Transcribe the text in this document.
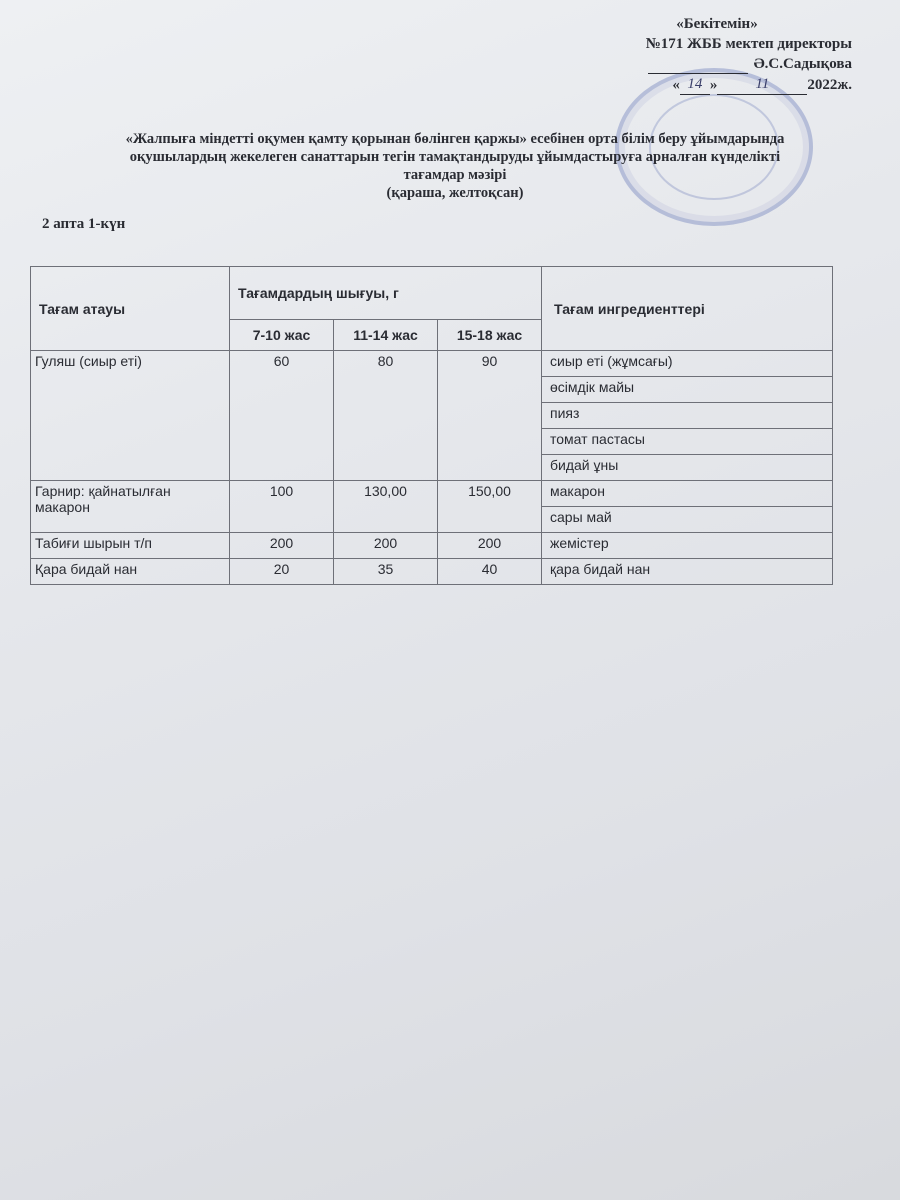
«Бекітемін»
№171 ЖББ мектеп директоры
Ә.С.Садықова
« 14 »	11	2022ж.
«Жалпыға міндетті оқумен қамту қорынан бөлінген қаржы» есебінен орта білім беру ұйымдарында
оқушылардың жекелеген санаттарын тегін тамақтандыруды ұйымдастыруға арналған күнделікті
тағамдар мәзірі
(қараша, желтоқсан)
2 апта 1-күн
Тағам атауы	Тағамдардың шығуы, г			Тағам ингредиенттері
	7-10 жас	11-14 жас	15-18 жас	
Гуляш (сиыр еті)	60	80	90	сиыр еті (жұмсағы)
				өсімдік майы
				пияз
				томат пастасы
				бидай ұны
Гарнир: қайнатылған макарон	100	130,00	150,00	макарон
				сары май
Табиғи шырын т/п	200	200	200	жемістер
Қара бидай нан	20	35	40	қара бидай нан
